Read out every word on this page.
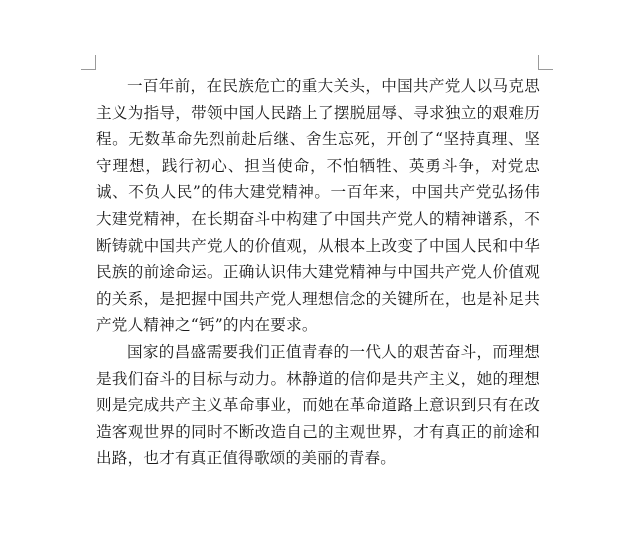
一百年前，在民族危亡的重大关头，中国共产党人以马克思主义为指导，带领中国人民踏上了摆脱屈辱、寻求独立的艰难历程。无数革命先烈前赴后继、舍生忘死，开创了“坚持真理、坚守理想，践行初心、担当使命，不怕牺牲、英勇斗争，对党忠诚、不负人民”的伟大建党精神。一百年来，中国共产党弘扬伟大建党精神，在长期奋斗中构建了中国共产党人的精神谱系，不断铸就中国共产党人的价值观，从根本上改变了中国人民和中华民族的前途命运。正确认识伟大建党精神与中国共产党人价值观的关系，是把握中国共产党人理想信念的关键所在，也是补足共产党人精神之“钙”的内在要求。

国家的昌盛需要我们正值青春的一代人的艰苦奋斗，而理想是我们奋斗的目标与动力。林静道的信仰是共产主义，她的理想则是完成共产主义革命事业，而她在革命道路上意识到只有在改造客观世界的同时不断改造自己的主观世界，才有真正的前途和出路，也才有真正值得歌颂的美丽的青春。
